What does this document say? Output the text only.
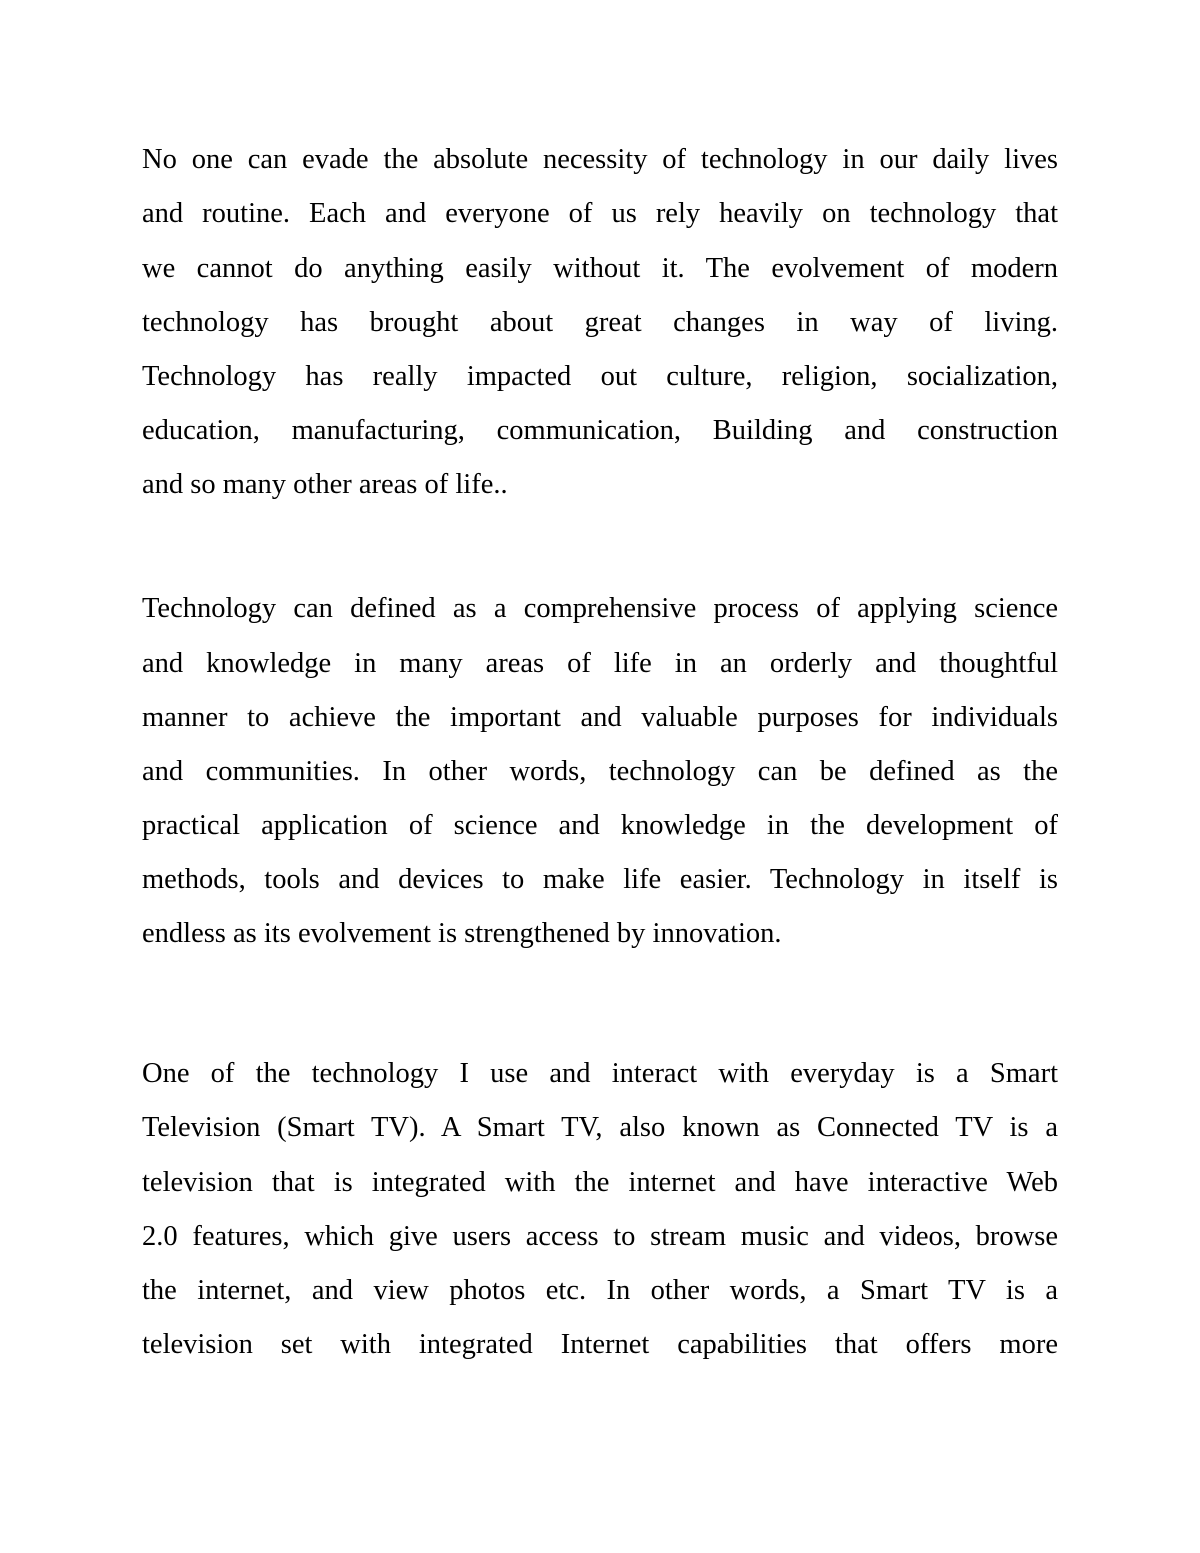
No one can evade the absolute necessity of technology in our daily lives
and routine. Each and everyone of us rely heavily on technology that
we cannot do anything easily without it. The evolvement of modern
technology has brought about great changes in way of living.
Technology has really impacted out culture, religion, socialization,
education, manufacturing, communication, Building and construction
and so many other areas of life..
Technology can defined as a comprehensive process of applying science
and knowledge in many areas of life in an orderly and thoughtful
manner to achieve the important and valuable purposes for individuals
and communities. In other words, technology can be defined as the
practical application of science and knowledge in the development of
methods, tools and devices to make life easier. Technology in itself is
endless as its evolvement is strengthened by innovation.
One of the technology I use and interact with everyday is a Smart
Television (Smart TV). A Smart TV, also known as Connected TV is a
television that is integrated with the internet and have interactive Web
2.0 features, which give users access to stream music and videos, browse
the internet, and view photos etc. In other words, a Smart TV is a
television set with integrated Internet capabilities that offers more
